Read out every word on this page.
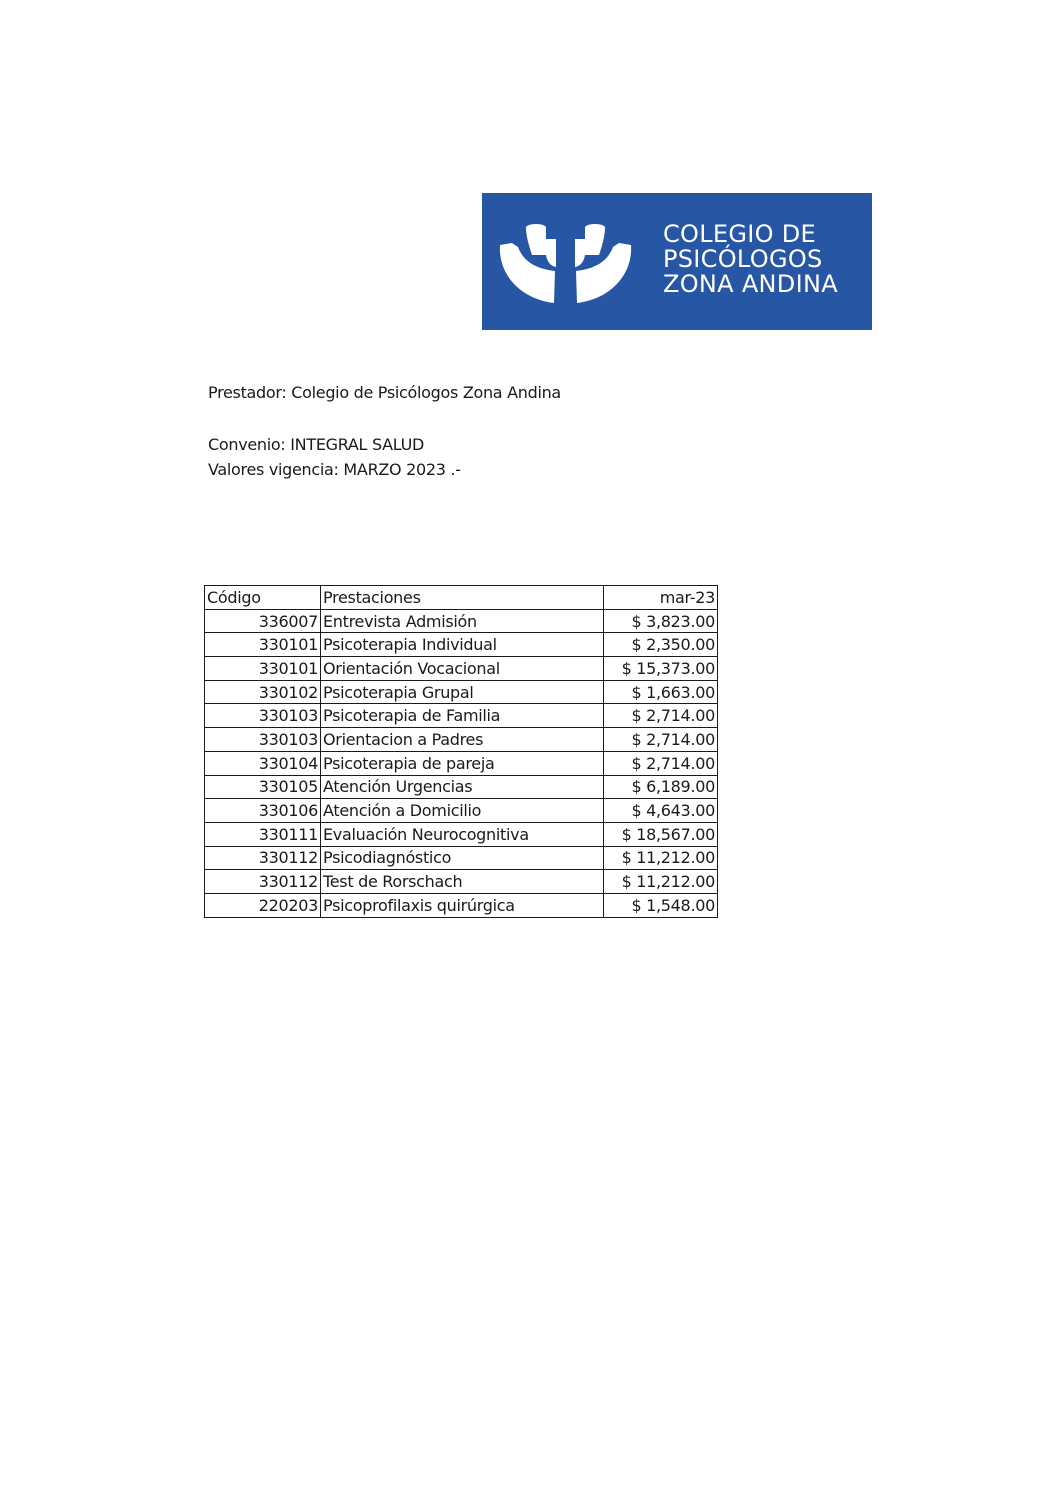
COLEGIO DE
PSICÓLOGOS
ZONA ANDINA
Prestador: Colegio de Psicólogos Zona Andina
Convenio: INTEGRAL SALUD
Valores vigencia: MARZO 2023 .-
Código	Prestaciones	mar-23
336007	Entrevista Admisión	$ 3,823.00
330101	Psicoterapia Individual	$ 2,350.00
330101	Orientación Vocacional	$ 15,373.00
330102	Psicoterapia Grupal	$ 1,663.00
330103	Psicoterapia de Familia	$ 2,714.00
330103	Orientacion a Padres	$ 2,714.00
330104	Psicoterapia de pareja	$ 2,714.00
330105	Atención Urgencias	$ 6,189.00
330106	Atención a Domicilio	$ 4,643.00
330111	Evaluación Neurocognitiva	$ 18,567.00
330112	Psicodiagnóstico	$ 11,212.00
330112	Test de Rorschach	$ 11,212.00
220203	Psicoprofilaxis quirúrgica	$ 1,548.00
